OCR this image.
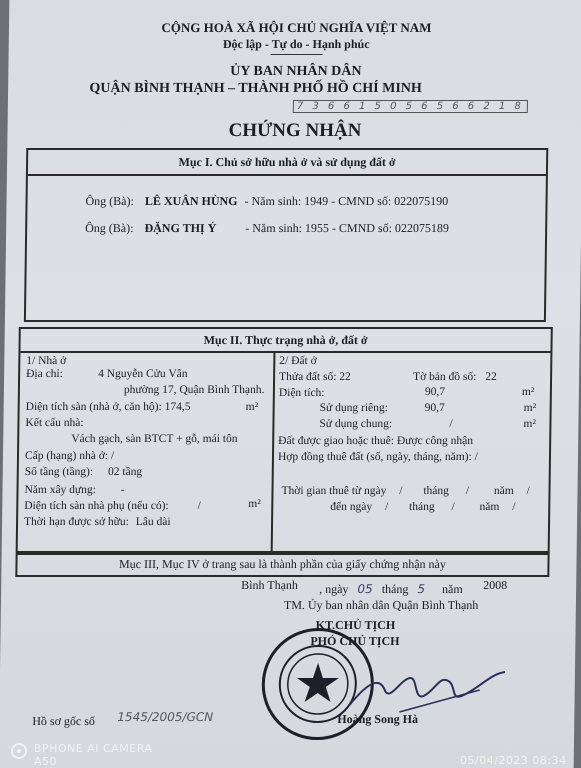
CỘNG HOÀ XÃ HỘI CHỦ NGHĨA VIỆT NAM
Độc lập - Tự do - Hạnh phúc
ỦY BAN NHÂN DÂN
QUẬN BÌNH THẠNH – THÀNH PHỐ HỒ CHÍ MINH
7 3 6 6 1 5 0 5 6 5 6 6 2 1 8
CHỨNG NHẬN
Mục I. Chủ sở hữu nhà ở và sử dụng đất ở
Ông (Bà): LÊ XUÂN HÙNG - Năm sinh: 1949 - CMND số: 022075190
Ông (Bà): ĐẶNG THỊ Ý - Năm sinh: 1955 - CMND số: 022075189
Mục II. Thực trạng nhà ở, đất ở
1/ Nhà ở
Địa chỉ:	4 Nguyễn Cửu Vân
phường 17, Quận Bình Thạnh.
Diện tích sàn (nhà ở, căn hộ): 174,5	m²
Kết cấu nhà:
Vách gạch, sàn BTCT + gỗ, mái tôn
Cấp (hạng) nhà ở: /
Số tầng (tầng): 02 tầng
Năm xây dựng: -
Diện tích sàn nhà phụ (nếu có): /	m²
Thời hạn được sở hữu: Lâu dài
2/ Đất ở
Thửa đất số: 22	Tờ bản đồ số: 22
Diện tích:	90,7	m²
Sử dụng riêng:	90,7	m²
Sử dụng chung:	/	m²
Đất được giao hoặc thuê: Được công nhận
Hợp đồng thuê đất (số, ngày, tháng, năm): /
Thời gian thuê từ ngày / tháng / năm /
đến ngày / tháng / năm /
Mục III, Mục IV ở trang sau là thành phần của giấy chứng nhận này
Bình Thạnh , ngày 05 tháng 5 năm 2008
TM. Ủy ban nhân dân Quận Bình Thạnh
KT.CHỦ TỊCH
PHÓ CHỦ TỊCH
Hoàng Song Hà
Hồ sơ gốc số 1545/2005/GCN
BPHONE AI CAMERA
A50	05/04/2023 08:34
